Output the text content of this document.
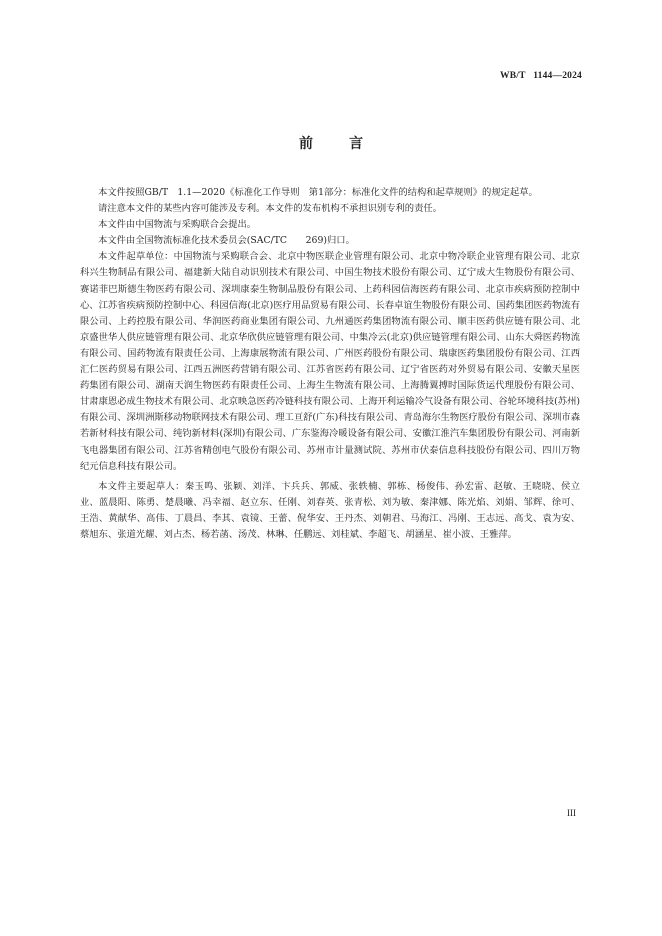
WB/T   1144—2024
前言

本文件按照GB/T　1.1—2020《标准化工作导则　第1部分：标准化文件的结构和起草规则》的规定起草。

请注意本文件的某些内容可能涉及专利。本文件的发布机构不承担识别专利的责任。

本文件由中国物流与采购联合会提出。

本文件由全国物流标准化技术委员会(SAC/TC　　269)归口。

本文件起草单位：中国物流与采购联合会、北京中物医联企业管理有限公司、北京中物冷联企业管理有限公司、北京科兴生物制品有限公司、福建新大陆自动识别技术有限公司、中国生物技术股份有限公司、辽宁成大生物股份有限公司、赛诺菲巴斯德生物医药有限公司、深圳康泰生物制品股份有限公司、上药科园信海医药有限公司、北京市疾病预防控制中心、江苏省疾病预防控制中心、科园信海(北京)医疗用品贸易有限公司、长春卓谊生物股份有限公司、国药集团医药物流有限公司、上药控股有限公司、华润医药商业集团有限公司、九州通医药集团物流有限公司、顺丰医药供应链有限公司、北京盛世华人供应链管理有限公司、北京华欣供应链管理有限公司、中集冷云(北京)供应链管理有限公司、山东大舜医药物流有限公司、国药物流有限责任公司、上海康展物流有限公司、广州医药股份有限公司、瑞康医药集团股份有限公司、江西汇仁医药贸易有限公司、江西五洲医药营销有限公司、江苏省医药有限公司、辽宁省医药对外贸易有限公司、安徽天星医药集团有限公司、湖南天润生物医药有限责任公司、上海生生物流有限公司、上海腾翼搏时国际货运代理股份有限公司、甘肃康恩必成生物技术有限公司、北京映急医药冷链科技有限公司、上海开利运输冷气设备有限公司、谷轮环境科技(苏州)有限公司、深圳洲斯移动物联网技术有限公司、理工亘舒(广东)科技有限公司、青岛海尔生物医疗股份有限公司、深圳市森若新材科技有限公司、纯钧新材料(深圳)有限公司、广东鉴海冷暖设备有限公司、安徽江淮汽车集团股份有限公司、河南新飞电器集团有限公司、江苏省精创电气股份有限公司、苏州市计量测试院、苏州市伏泰信息科技股份有限公司、四川万物纪元信息科技有限公司。

本文件主要起草人：秦玉鸣、张颖、刘洋、卞兵兵、郭威、张轶楠、郭栋、杨俊伟、孙宏雷、赵敏、王晓晓、侯立业、蓝晨阳、陈勇、楚晨曦、冯幸福、赵立东、任刚、刘春英、张青松、刘为敏、秦津娜、陈光焰、刘娟、邹辉、徐可、王浩、黄献华、高伟、丁晨昌、李其、袁镜、王蕾、倪华安、王丹杰、刘朝君、马海江、冯刚、王志远、高戈、袁为安、蔡旭东、张道光耀、刘占杰、杨若菡、汤茂、林琳、任鹏远、刘桂斌、李超飞、胡涵星、崔小波、王雅萍。

III
